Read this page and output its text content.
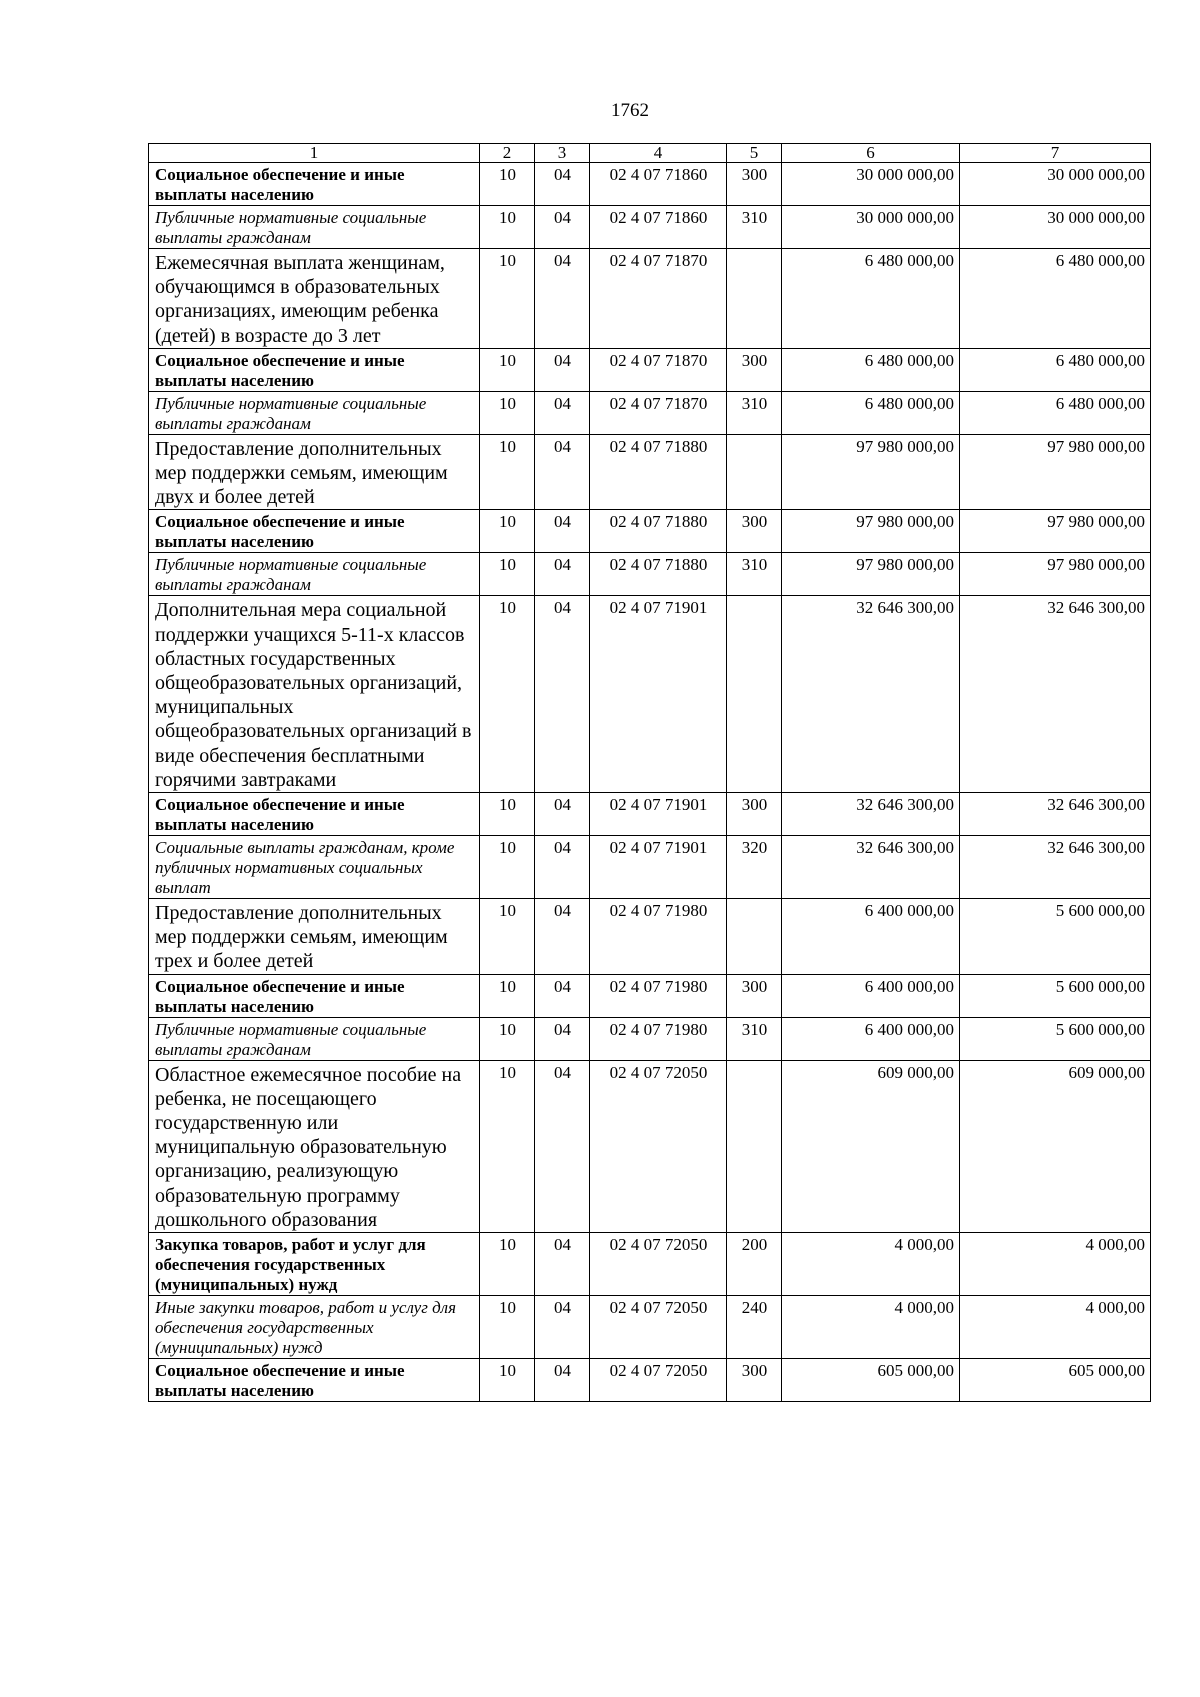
1762
1	2	3	4	5	6	7
Социальное обеспечение и иные выплаты населению	10	04	02 4 07 71860	300	30 000 000,00	30 000 000,00
Публичные нормативные социальные выплаты гражданам	10	04	02 4 07 71860	310	30 000 000,00	30 000 000,00
Ежемесячная выплата женщинам, обучающимся в образовательных организациях, имеющим ребенка (детей) в возрасте до 3 лет	10	04	02 4 07 71870		6 480 000,00	6 480 000,00
Социальное обеспечение и иные выплаты населению	10	04	02 4 07 71870	300	6 480 000,00	6 480 000,00
Публичные нормативные социальные выплаты гражданам	10	04	02 4 07 71870	310	6 480 000,00	6 480 000,00
Предоставление дополнительных мер поддержки семьям, имеющим двух и более детей	10	04	02 4 07 71880		97 980 000,00	97 980 000,00
Социальное обеспечение и иные выплаты населению	10	04	02 4 07 71880	300	97 980 000,00	97 980 000,00
Публичные нормативные социальные выплаты гражданам	10	04	02 4 07 71880	310	97 980 000,00	97 980 000,00
Дополнительная мера социальной поддержки учащихся 5-11-х классов областных государственных общеобразовательных организаций, муниципальных общеобразовательных организаций в виде обеспечения бесплатными горячими завтраками	10	04	02 4 07 71901		32 646 300,00	32 646 300,00
Социальное обеспечение и иные выплаты населению	10	04	02 4 07 71901	300	32 646 300,00	32 646 300,00
Социальные выплаты гражданам, кроме публичных нормативных социальных выплат	10	04	02 4 07 71901	320	32 646 300,00	32 646 300,00
Предоставление дополнительных мер поддержки семьям, имеющим трех и более детей	10	04	02 4 07 71980		6 400 000,00	5 600 000,00
Социальное обеспечение и иные выплаты населению	10	04	02 4 07 71980	300	6 400 000,00	5 600 000,00
Публичные нормативные социальные выплаты гражданам	10	04	02 4 07 71980	310	6 400 000,00	5 600 000,00
Областное ежемесячное пособие на ребенка, не посещающего государственную или муниципальную образовательную организацию, реализующую образовательную программу дошкольного образования	10	04	02 4 07 72050		609 000,00	609 000,00
Закупка товаров, работ и услуг для обеспечения государственных (муниципальных) нужд	10	04	02 4 07 72050	200	4 000,00	4 000,00
Иные закупки товаров, работ и услуг для обеспечения государственных (муниципальных) нужд	10	04	02 4 07 72050	240	4 000,00	4 000,00
Социальное обеспечение и иные выплаты населению	10	04	02 4 07 72050	300	605 000,00	605 000,00
